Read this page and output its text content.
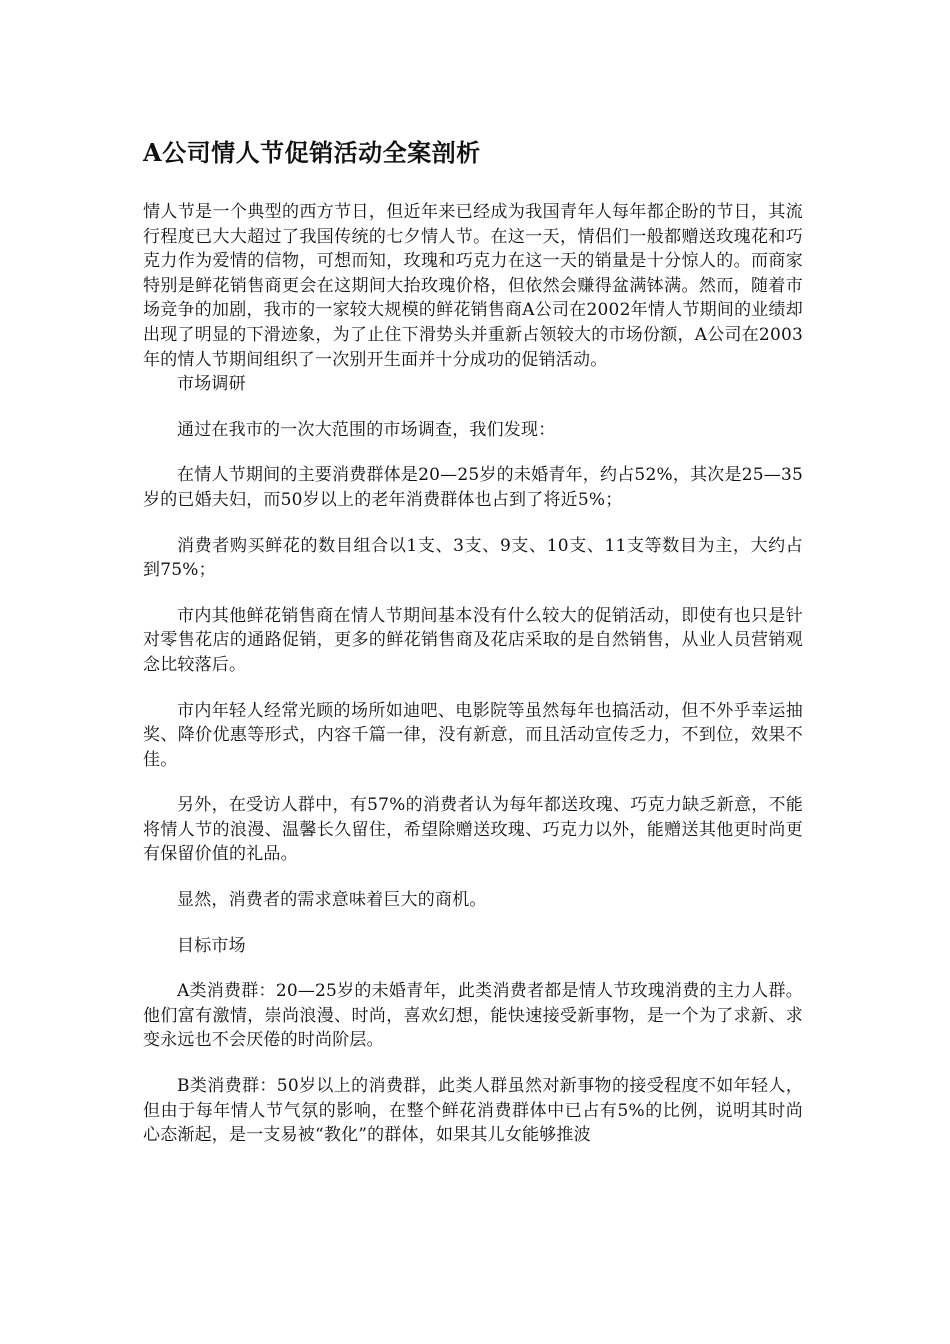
A公司情人节促销活动全案剖析

情人节是一个典型的西方节日，但近年来已经成为我国青年人每年都企盼的节日，其流行程度已大大超过了我国传统的七夕情人节。在这一天，情侣们一般都赠送玫瑰花和巧克力作为爱情的信物，可想而知，玫瑰和巧克力在这一天的销量是十分惊人的。而商家特别是鲜花销售商更会在这期间大抬玫瑰价格，但依然会赚得盆满钵满。然而，随着市场竞争的加剧，我市的一家较大规模的鲜花销售商A公司在2002年情人节期间的业绩却出现了明显的下滑迹象，为了止住下滑势头并重新占领较大的市场份额，A公司在2003年的情人节期间组织了一次别开生面并十分成功的促销活动。

市场调研

通过在我市的一次大范围的市场调查，我们发现：

在情人节期间的主要消费群体是20—25岁的未婚青年，约占52%，其次是25—35岁的已婚夫妇，而50岁以上的老年消费群体也占到了将近5%；

消费者购买鲜花的数目组合以1支、3支、9支、10支、11支等数目为主，大约占到75%；

市内其他鲜花销售商在情人节期间基本没有什么较大的促销活动，即使有也只是针对零售花店的通路促销，更多的鲜花销售商及花店采取的是自然销售，从业人员营销观念比较落后。

市内年轻人经常光顾的场所如迪吧、电影院等虽然每年也搞活动，但不外乎幸运抽奖、降价优惠等形式，内容千篇一律，没有新意，而且活动宣传乏力，不到位，效果不佳。

另外，在受访人群中，有57%的消费者认为每年都送玫瑰、巧克力缺乏新意，不能将情人节的浪漫、温馨长久留住，希望除赠送玫瑰、巧克力以外，能赠送其他更时尚更有保留价值的礼品。

显然，消费者的需求意味着巨大的商机。

目标市场

A类消费群：20—25岁的未婚青年，此类消费者都是情人节玫瑰消费的主力人群。他们富有激情，崇尚浪漫、时尚，喜欢幻想，能快速接受新事物，是一个为了求新、求变永远也不会厌倦的时尚阶层。

B类消费群：50岁以上的消费群，此类人群虽然对新事物的接受程度不如年轻人，但由于每年情人节气氛的影响，在整个鲜花消费群体中已占有5%的比例，说明其时尚心态渐起，是一支易被“教化”的群体，如果其儿女能够推波
